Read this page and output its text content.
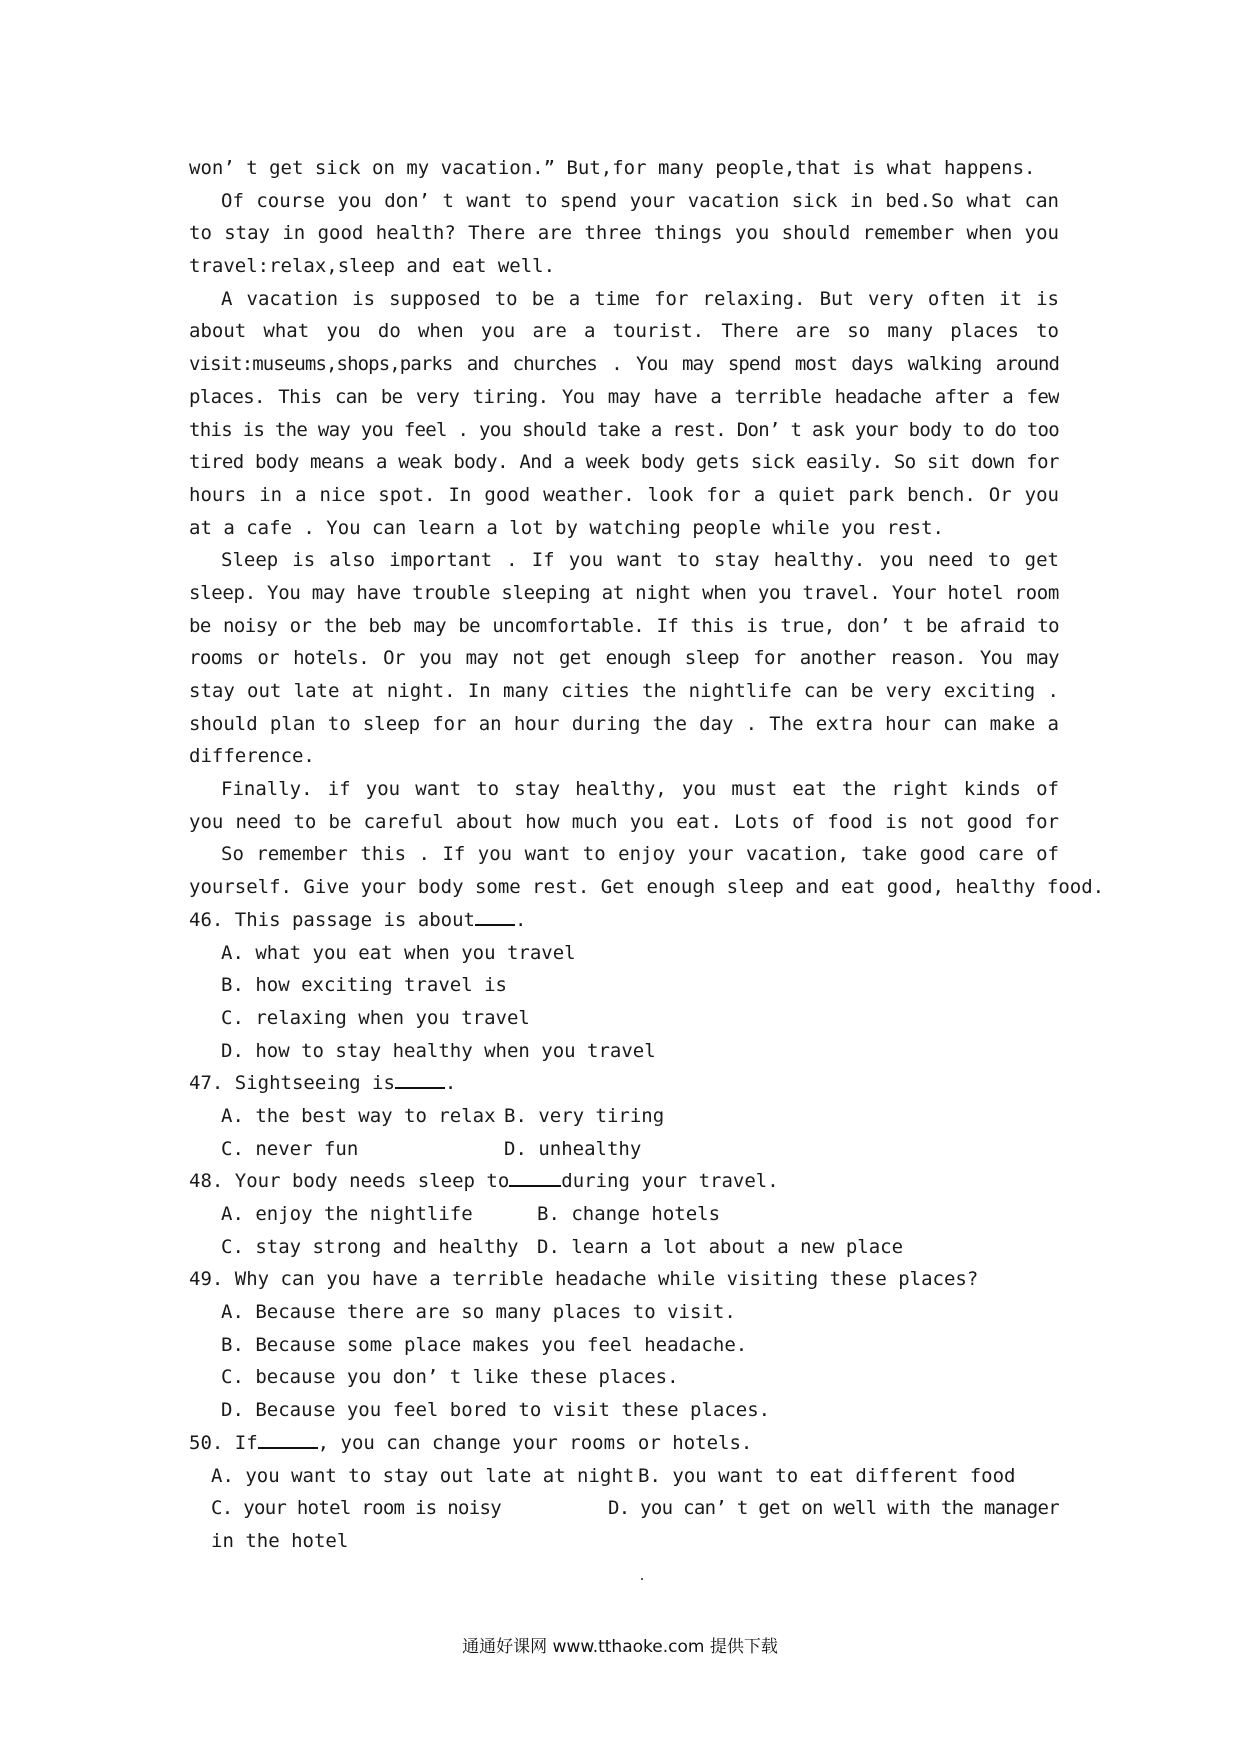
won’ t get sick on my vacation.” But,for many people,that is what happens.
Of course you don’ t want to spend your vacation sick in bed.So what can
to stay in good health? There are three things you should remember when you
travel:relax,sleep and eat well.
A vacation is supposed to be a time for relaxing. But very often it is
about what you do when you are a tourist. There are so many places to
visit:museums,shops,parks and churches . You may spend most days walking around
places. This can be very tiring. You may have a terrible headache after a few
this is the way you feel . you should take a rest. Don’ t ask your body to do too
tired body means a weak body. And a week body gets sick easily. So sit down for
hours in a nice spot. In good weather. look for a quiet park bench. Or you
at a cafe . You can learn a lot by watching people while you rest.
Sleep is also important . If you want to stay healthy. you need to get
sleep. You may have trouble sleeping at night when you travel. Your hotel room
be noisy or the beb may be uncomfortable. If this is true, don’ t be afraid to
rooms or hotels. Or you may not get enough sleep for another reason. You may
stay out late at night. In many cities the nightlife can be very exciting .
should plan to sleep for an hour during the day . The extra hour can make a
difference.
Finally. if you want to stay healthy, you must eat the right kinds of
you need to be careful about how much you eat. Lots of food is not good for
So remember this . If you want to enjoy your vacation, take good care of
yourself. Give your body some rest. Get enough sleep and eat good, healthy food.
46. This passage is about .
A. what you eat when you travel
B. how exciting travel is
C. relaxing when you travel
D. how to stay healthy when you travel
47. Sightseeing is	.
A. the best way to relax B. very tiring
C. never fun	D. unhealthy
48. Your body needs sleep to	during your travel.
A. enjoy the nightlife	B. change hotels
C. stay strong and healthy D. learn a lot about a new place
49. Why can you have a terrible headache while visiting these places?
A. Because there are so many places to visit.
B. Because some place makes you feel headache.
C. because you don’ t like these places.
D. Because you feel bored to visit these places.
50. If	, you can change your rooms or hotels.
A. you want to stay out late at night B. you want to eat different food
C. your hotel room is noisy	D. you can’ t get on well with the manager
in the hotel
通通好课网 www.tthaoke.com 提供下载
